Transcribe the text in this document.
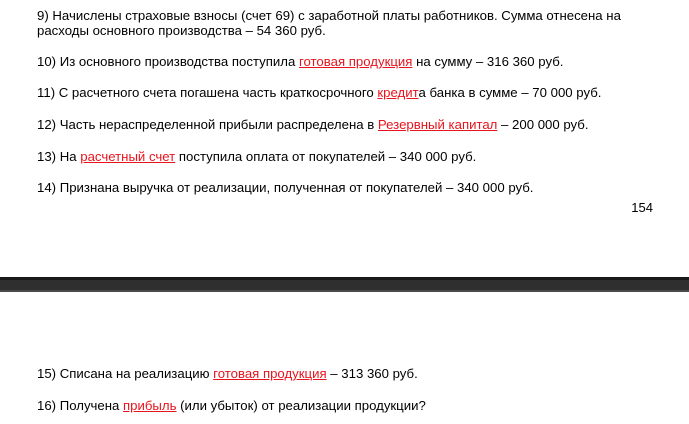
9) Начислены страховые взносы (счет 69) с заработной платы работников. Сумма отнесена на
расходы основного производства – 54 360 руб.
10) Из основного производства поступила готовая продукция на сумму – 316 360 руб.
11) С расчетного счета погашена часть краткосрочного кредита банка в сумме – 70 000 руб.
12) Часть нераспределенной прибыли распределена в Резервный капитал – 200 000 руб.
13) На расчетный счет поступила оплата от покупателей – 340 000 руб.
14) Признана выручка от реализации, полученная от покупателей – 340 000 руб.
154
15) Списана на реализацию готовая продукция – 313 360 руб.
16) Получена прибыль (или убыток) от реализации продукции?
